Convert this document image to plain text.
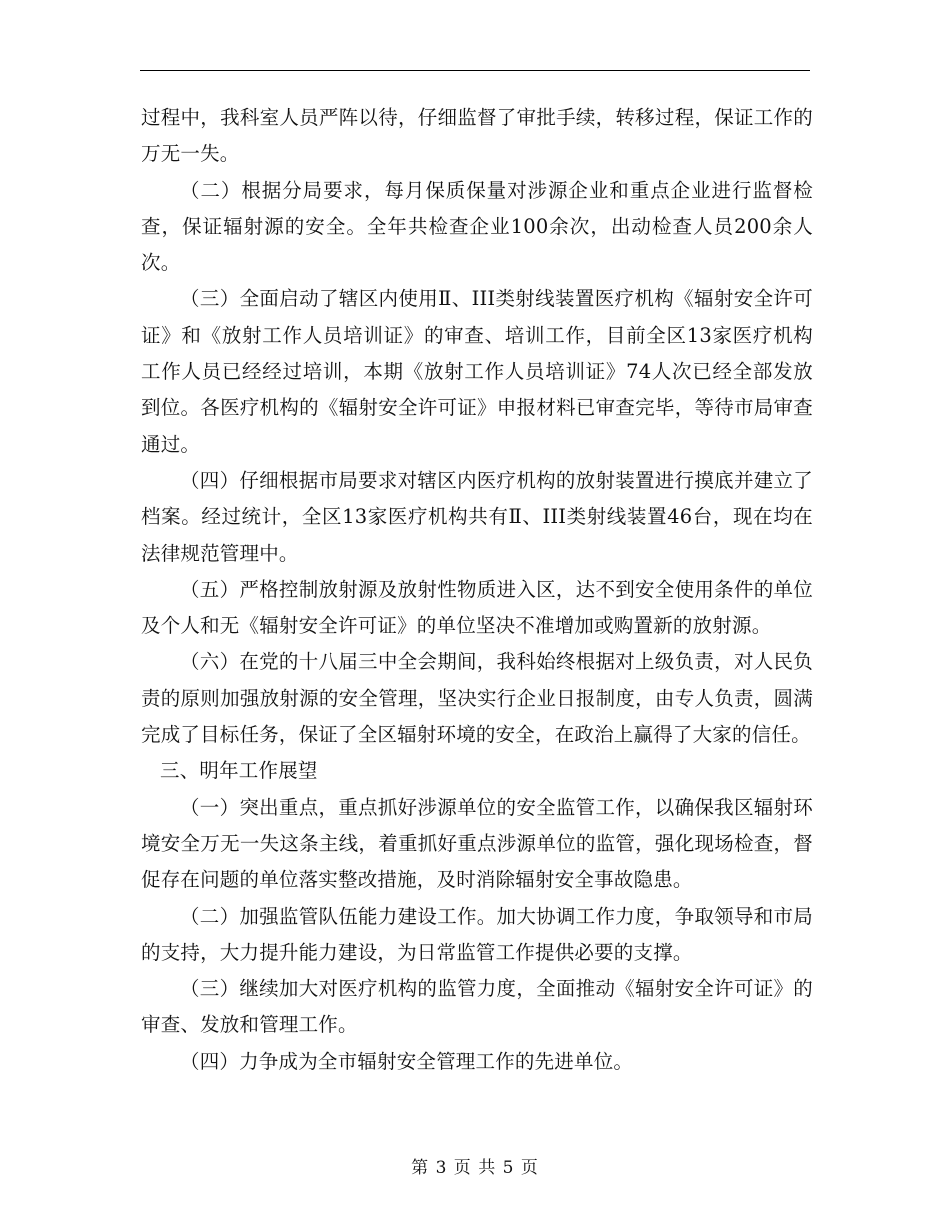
过程中，我科室人员严阵以待，仔细监督了审批手续，转移过程，保证工作的万无一失。

（二）根据分局要求，每月保质保量对涉源企业和重点企业进行监督检查，保证辐射源的安全。全年共检查企业100余次，出动检查人员200余人次。

（三）全面启动了辖区内使用Ⅱ、III类射线装置医疗机构《辐射安全许可证》和《放射工作人员培训证》的审查、培训工作，目前全区13家医疗机构工作人员已经经过培训，本期《放射工作人员培训证》74人次已经全部发放到位。各医疗机构的《辐射安全许可证》申报材料已审查完毕，等待市局审查通过。

（四）仔细根据市局要求对辖区内医疗机构的放射装置进行摸底并建立了档案。经过统计，全区13家医疗机构共有Ⅱ、III类射线装置46台，现在均在法律规范管理中。

（五）严格控制放射源及放射性物质进入区，达不到安全使用条件的单位及个人和无《辐射安全许可证》的单位坚决不准增加或购置新的放射源。

（六）在党的十八届三中全会期间，我科始终根据对上级负责，对人民负责的原则加强放射源的安全管理，坚决实行企业日报制度，由专人负责，圆满完成了目标任务，保证了全区辐射环境的安全，在政治上赢得了大家的信任。

三、明年工作展望

（一）突出重点，重点抓好涉源单位的安全监管工作，以确保我区辐射环境安全万无一失这条主线，着重抓好重点涉源单位的监管，强化现场检查，督促存在问题的单位落实整改措施，及时消除辐射安全事故隐患。

（二）加强监管队伍能力建设工作。加大协调工作力度，争取领导和市局的支持，大力提升能力建设，为日常监管工作提供必要的支撑。

（三）继续加大对医疗机构的监管力度，全面推动《辐射安全许可证》的审查、发放和管理工作。

（四）力争成为全市辐射安全管理工作的先进单位。

第 3 页 共 5 页
